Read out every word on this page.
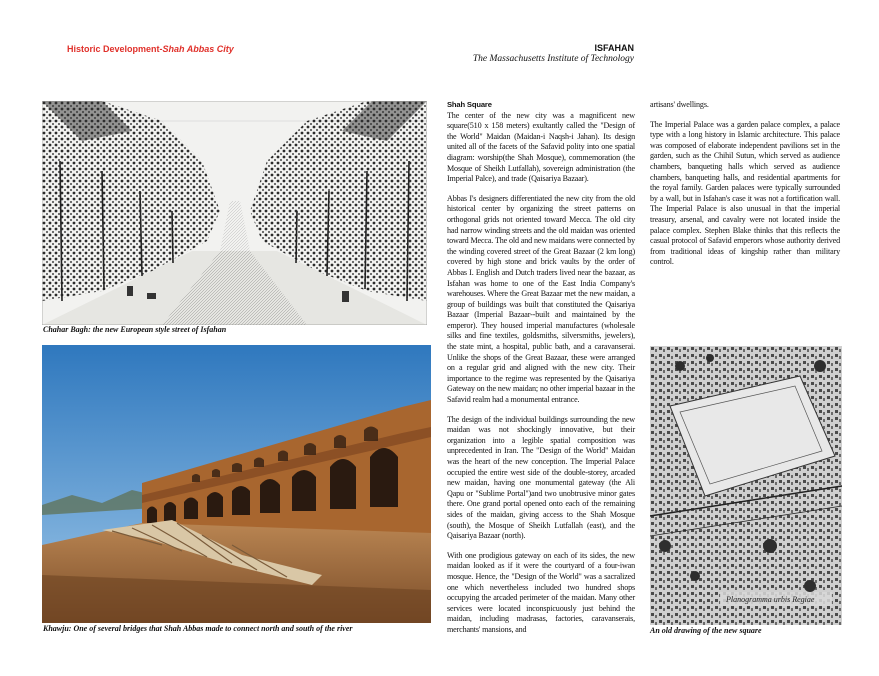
Historic Development-Shah Abbas City	ISFAHAN
The Massachusetts Institute of Technology
Chahar Bagh: the new European style street of Isfahan
Khawju: One of several bridges that Shah Abbas made to connect north and south of the river
Planogramma urbis Regiae
An old drawing of the new square
Shah Square

The center of the new city was a magnificent new square(510 x 158 meters) exultantly called the "Design of the World" Maidan (Maidan-i Naqsh-i Jahan). Its design united all of the facets of the Safavid polity into one spatial diagram: worship(the Shah Mosque), commemoration (the Mosque of Sheikh Lutfallah), sovereign administration (the Imperial Palce), and trade (Qaisariya Bazaar).

Abbas I's designers differentiated the new city from the old historical center by organizing the street patterns on orthogonal grids not oriented toward Mecca. The old city had narrow winding streets and the old maidan was oriented toward Mecca. The old and new maidans were connected by the winding covered street of the Great Bazaar (2 km long) covered by high stone and brick vaults by the order of Abbas I. English and Dutch traders lived near the bazaar, as Isfahan was home to one of the East India Company's warehouses. Where the Great Bazaar met the new maidan, a group of buildings was built that constituted the Qaisariya Bazaar (Imperial Bazaar--built and maintained by the emperor). They housed imperial manufactures (wholesale silks and fine textiles, goldsmiths, silversmiths, jewelers), the state mint, a hospital, public bath, and a caravanserai. Unlike the shops of the Great Bazaar, these were arranged on a regular grid and aligned with the new city. Their importance to the regime was represented by the Qaisariya Gateway on the new maidan; no other imperial bazaar in the Safavid realm had a monumental entrance.

The design of the individual buildings surrounding the new maidan was not shockingly innovative, but their organization into a legible spatial composition was unprecedented in Iran. The "Design of the World" Maidan was the heart of the new conception. The Imperial Palace occupied the entire west side of the double-storey, arcaded new maidan, having one monumental gateway (the Ali Qapu or "Sublime Portal")and two unobtrusive minor gates there. One grand portal opened onto each of the remaining sides of the maidan, giving access to the Shah Mosque (south), the Mosque of Sheikh Lutfallah (east), and the Qaisariya Bazaar (north).

With one prodigious gateway on each of its sides, the new maidan looked as if it were the courtyard of a four-iwan mosque. Hence, the "Design of the World" was a sacralized one which nevertheless included two hundred shops occupying the arcaded perimeter of the maidan. Many other services were located inconspicuously just behind the maidan, including madrasas, factories, caravanserais, merchants' mansions, and

artisans' dwellings.

The Imperial Palace was a garden palace complex, a palace type with a long history in Islamic architecture. This palace was composed of elaborate independent pavilions set in the garden, such as the Chihil Sutun, which served as audience chambers, banqueting halls which served as audience chambers, banqueting halls, and residential apartments for the royal family. Garden palaces were typically surrounded by a wall, but in Isfahan's case it was not a fortification wall. The Imperial Palace is also unusual in that the imperial treasury, arsenal, and cavalry were not located inside the palace complex. Stephen Blake thinks that this reflects the casual protocol of Safavid emperors whose authority derived from traditional ideas of kingship rather than military control.
